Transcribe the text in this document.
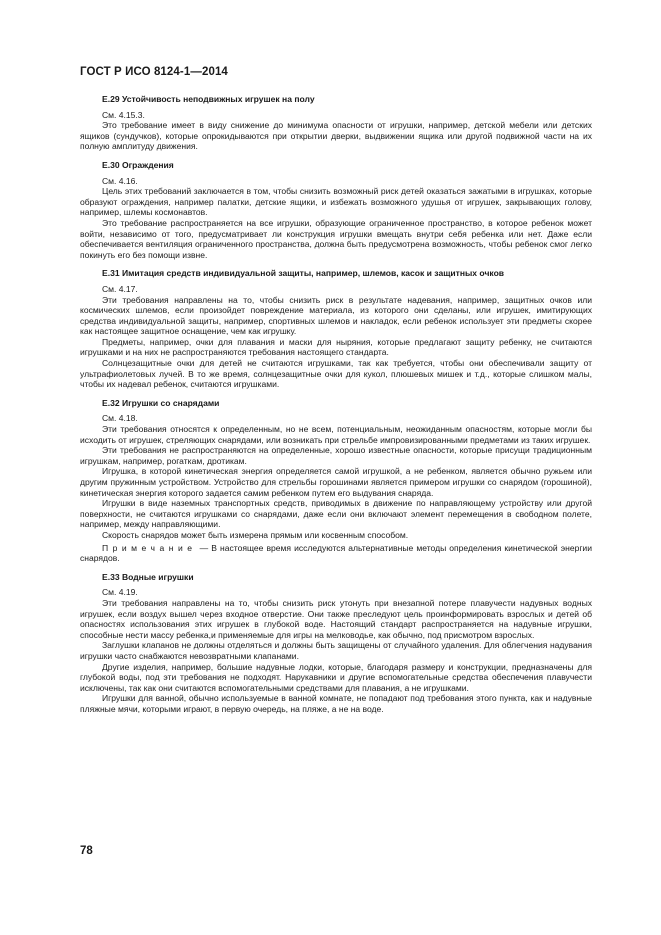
ГОСТ Р ИСО 8124-1—2014
Е.29 Устойчивость неподвижных игрушек на полу
См. 4.15.3.

Это требование имеет в виду снижение до минимума опасности от игрушки, например, детской мебели или детских ящиков (сундучков), которые опрокидываются при открытии дверки, выдвижении ящика или другой подвижной части на их полную амплитуду движения.

Е.30 Ограждения
См. 4.16.

Цель этих требований заключается в том, чтобы снизить возможный риск детей оказаться зажатыми в игрушках, которые образуют ограждения, например палатки, детские ящики, и избежать возможного удушья от игрушек, закрывающих голову, например, шлемы космонавтов.

Это требование распространяется на все игрушки, образующие ограниченное пространство, в которое ребенок может войти, независимо от того, предусматривает ли конструкция игрушки вмещать внутри себя ребенка или нет. Даже если обеспечивается вентиляция ограниченного пространства, должна быть предусмотрена возможность, чтобы ребенок смог легко покинуть его без помощи извне.

Е.31 Имитация средств индивидуальной защиты, например, шлемов, касок и защитных очков
См. 4.17.

Эти требования направлены на то, чтобы снизить риск в результате надевания, например, защитных очков или космических шлемов, если произойдет повреждение материала, из которого они сделаны, или игрушек, имитирующих средства индивидуальной защиты, например, спортивных шлемов и накладок, если ребенок использует эти предметы скорее как настоящее защитное оснащение, чем как игрушку.

Предметы, например, очки для плавания и маски для ныряния, которые предлагают защиту ребенку, не считаются игрушками и на них не распространяются требования настоящего стандарта.

Солнцезащитные очки для детей не считаются игрушками, так как требуется, чтобы они обеспечивали защиту от ультрафиолетовых лучей. В то же время, солнцезащитные очки для кукол, плюшевых мишек и т.д., которые слишком малы, чтобы их надевал ребенок, считаются игрушками.

Е.32 Игрушки со снарядами
См. 4.18.

Эти требования относятся к определенным, но не всем, потенциальным, неожиданным опасностям, которые могли бы исходить от игрушек, стреляющих снарядами, или возникать при стрельбе импровизированными предметами из таких игрушек.

Эти требования не распространяются на определенные, хорошо известные опасности, которые присущи традиционным игрушкам, например, рогаткам, дротикам.

Игрушка, в которой кинетическая энергия определяется самой игрушкой, а не ребенком, является обычно ружьем или другим пружинным устройством. Устройство для стрельбы горошинами является примером игрушки со снарядом (горошиной), кинетическая энергия которого задается самим ребенком путем его выдувания снаряда.

Игрушки в виде наземных транспортных средств, приводимых в движение по направляющему устройству или другой поверхности, не считаются игрушками со снарядами, даже если они включают элемент перемещения в свободном полете, например, между направляющими.

Скорость снарядов может быть измерена прямым или косвенным способом.

Примечание — В настоящее время исследуются альтернативные методы определения кинетической энергии снарядов.

Е.33 Водные игрушки
См. 4.19.

Эти требования направлены на то, чтобы снизить риск утонуть при внезапной потере плавучести надувных водных игрушек, если воздух вышел через входное отверстие. Они также преследуют цель проинформировать взрослых и детей об опасностях использования этих игрушек в глубокой воде. Настоящий стандарт распространяется на надувные игрушки, способные нести массу ребенка,и применяемые для игры на мелководье, как обычно, под присмотром взрослых.

Заглушки клапанов не должны отделяться и должны быть защищены от случайного удаления. Для облегчения надувания игрушки часто снабжаются невозвратными клапанами.

Другие изделия, например, большие надувные лодки, которые, благодаря размеру и конструкции, предназначены для глубокой воды, под эти требования не подходят. Нарукавники и другие вспомогательные средства обеспечения плавучести исключены, так как они считаются вспомогательными средствами для плавания, а не игрушками.

Игрушки для ванной, обычно используемые в ванной комнате, не попадают под требования этого пункта, как и надувные пляжные мячи, которыми играют, в первую очередь, на пляже, а не на воде.

78
